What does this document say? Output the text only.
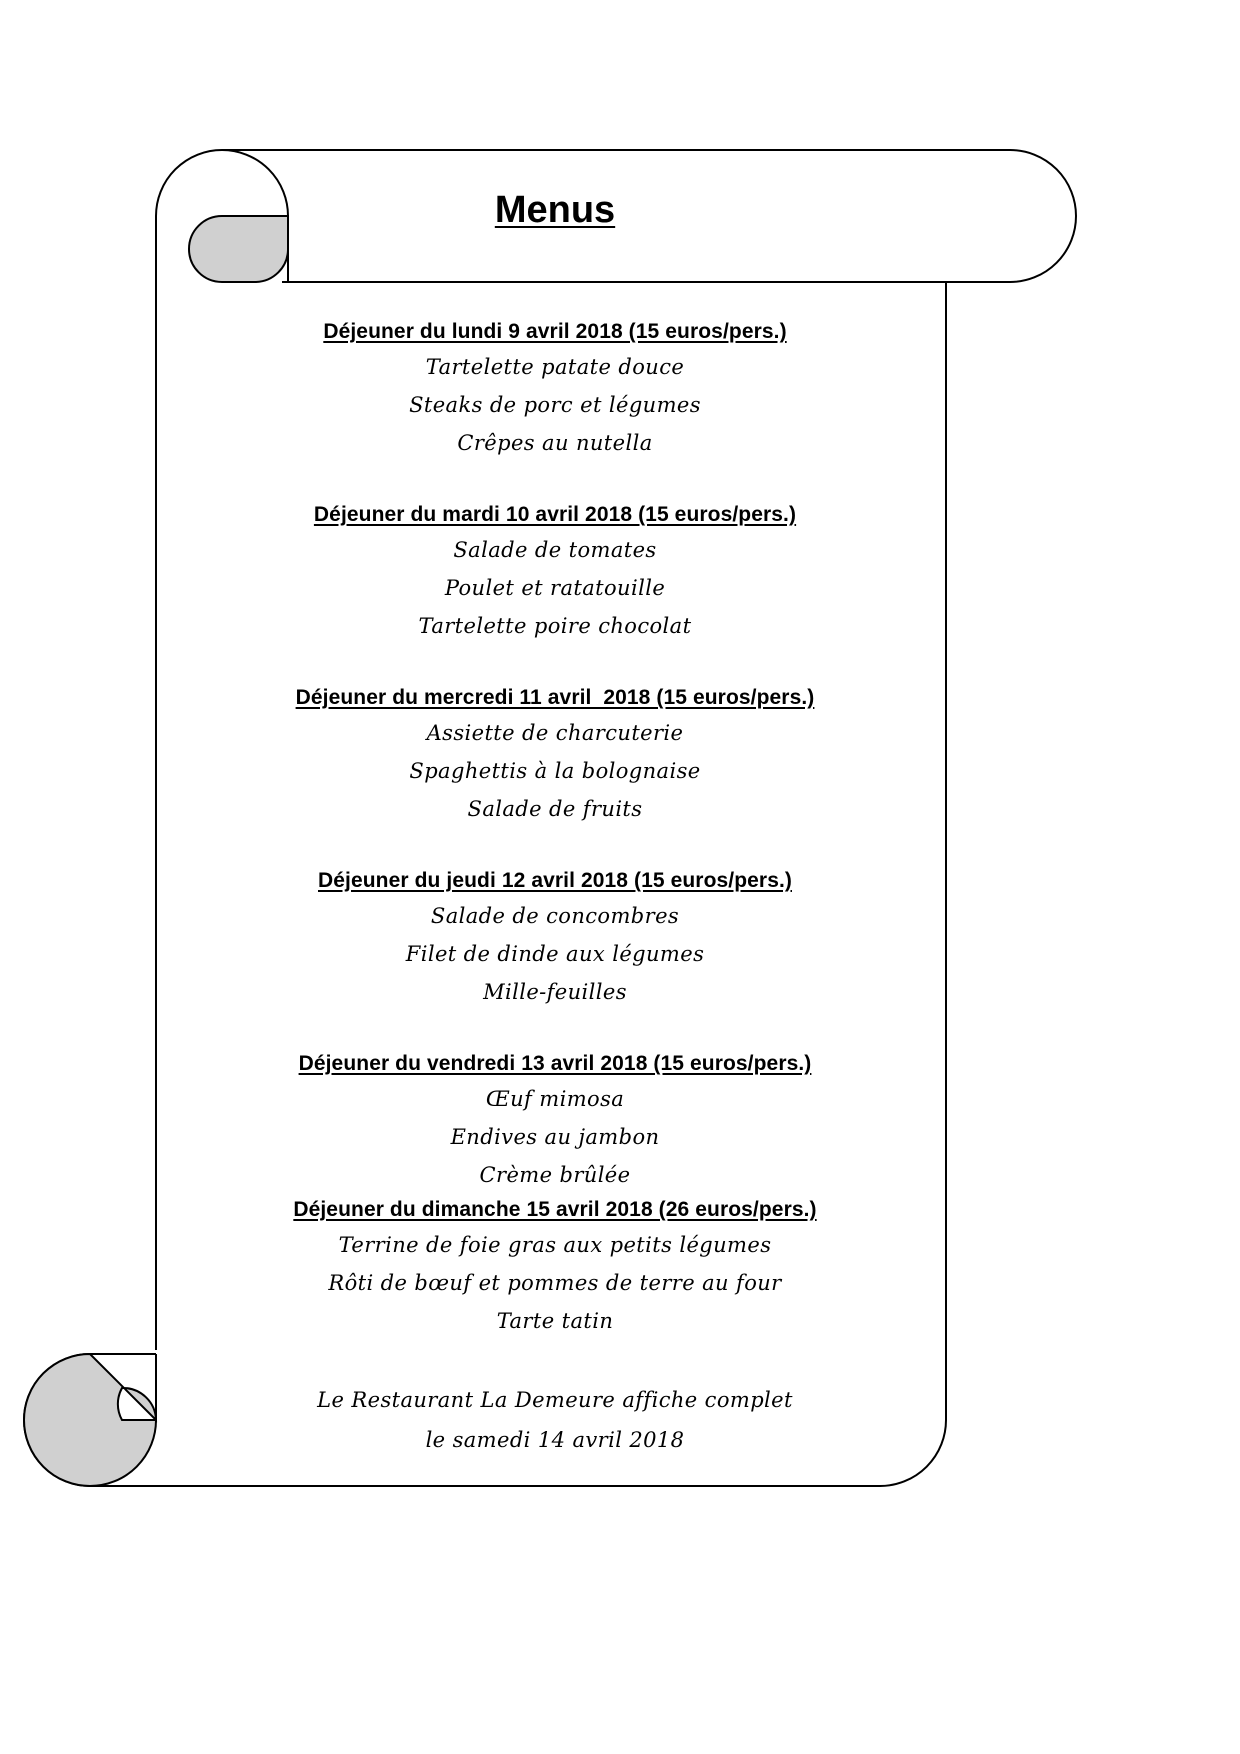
Menus

Déjeuner du lundi 9 avril 2018 (15 euros/pers.)

Tartelette patate douce

Steaks de porc et légumes

Crêpes au nutella

Déjeuner du mardi 10 avril 2018 (15 euros/pers.)

Salade de tomates

Poulet et ratatouille

Tartelette poire chocolat

Déjeuner du mercredi 11 avril  2018 (15 euros/pers.)

Assiette de charcuterie

Spaghettis à la bolognaise

Salade de fruits

Déjeuner du jeudi 12 avril 2018 (15 euros/pers.)

Salade de concombres

Filet de dinde aux légumes

Mille-feuilles

Déjeuner du vendredi 13 avril 2018 (15 euros/pers.)

Œuf mimosa

Endives au jambon

Crème brûlée

Déjeuner du dimanche 15 avril 2018 (26 euros/pers.)

Terrine de foie gras aux petits légumes

Rôti de bœuf et pommes de terre au four

Tarte tatin

Le Restaurant La Demeure affiche complet

le samedi 14 avril 2018
